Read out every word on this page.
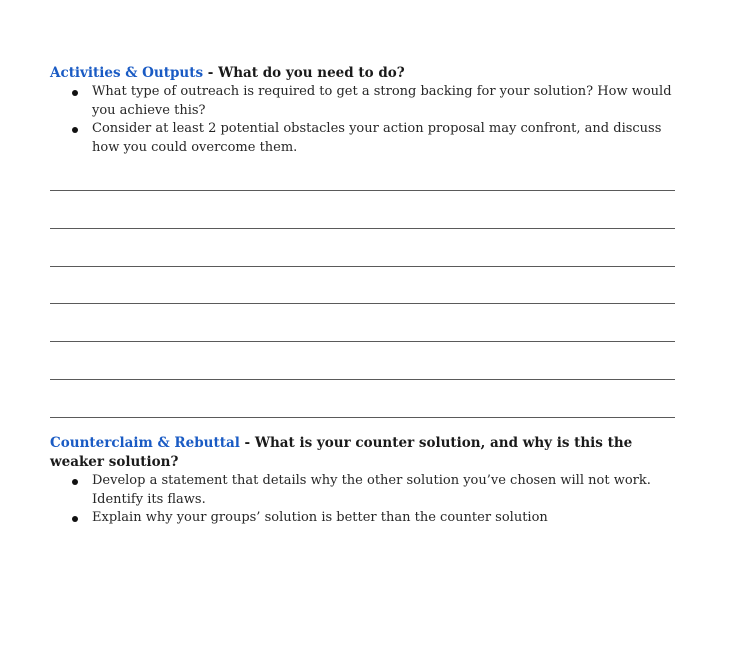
Activities & Outputs - What do you need to do?

What type of outreach is required to get a strong backing for your solution? How would you achieve this?
Consider at least 2 potential obstacles your action proposal may confront, and discuss how you could overcome them.

Counterclaim & Rebuttal - What is your counter solution, and why is this the weaker solution?

Develop a statement that details why the other solution you’ve chosen will not work. Identify its flaws.
Explain why your groups’ solution is better than the counter solution
